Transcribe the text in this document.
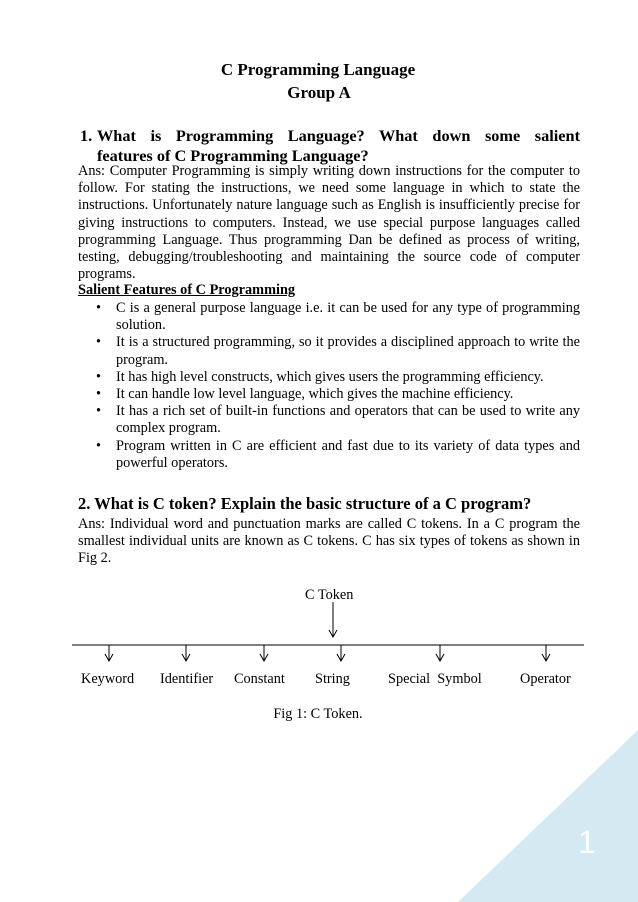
C Programming Language
Group A
1. What is Programming Language? What down some salient
features of C Programming Language?
Ans: Computer Programming is simply writing down instructions for the computer to follow. For stating the instructions, we need some language in which to state the instructions. Unfortunately nature language such as English is insufficiently precise for giving instructions to computers. Instead, we use special purpose languages called programming Language. Thus programming Dan be defined as process of writing, testing, debugging/troubleshooting and maintaining the source code of computer programs.
Salient Features of C Programming
• C is a general purpose language i.e. it can be used for any type of programming solution.
• It is a structured programming, so it provides a disciplined approach to write the program.
• It has high level constructs, which gives users the programming efficiency.
• It can handle low level language, which gives the machine efficiency.
• It has a rich set of built-in functions and operators that can be used to write any complex program.
• Program written in C are efficient and fast due to its variety of data types and powerful operators.
2. What is C token? Explain the basic structure of a C program?
Ans: Individual word and punctuation marks are called C tokens. In a C program the smallest individual units are known as C tokens. C has six types of tokens as shown in Fig 2.
C Token
Keyword Identifier Constant String	Special  Symbol	Operator
Fig 1: C Token.
1
